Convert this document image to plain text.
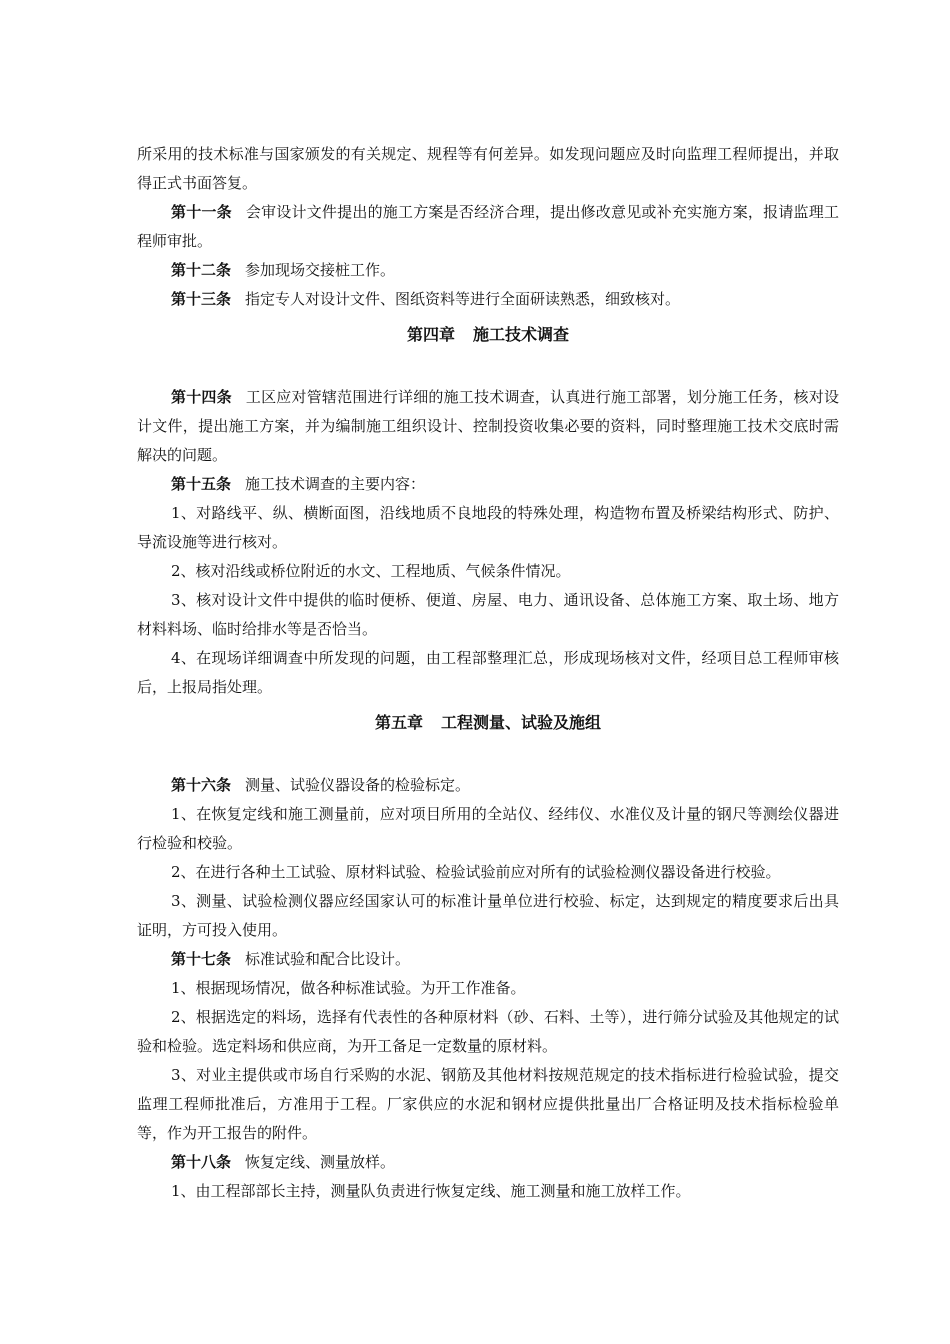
所采用的技术标准与国家颁发的有关规定、规程等有何差异。如发现问题应及时向监理工程师提出，并取得正式书面答复。

第十一条 会审设计文件提出的施工方案是否经济合理，提出修改意见或补充实施方案，报请监理工程师审批。

第十二条 参加现场交接桩工作。

第十三条 指定专人对设计文件、图纸资料等进行全面研读熟悉，细致核对。

第四章 施工技术调查

第十四条 工区应对管辖范围进行详细的施工技术调查，认真进行施工部署，划分施工任务，核对设计文件，提出施工方案，并为编制施工组织设计、控制投资收集必要的资料，同时整理施工技术交底时需解决的问题。

第十五条 施工技术调查的主要内容：

1、对路线平、纵、横断面图，沿线地质不良地段的特殊处理，构造物布置及桥梁结构形式、防护、导流设施等进行核对。

2、核对沿线或桥位附近的水文、工程地质、气候条件情况。

3、核对设计文件中提供的临时便桥、便道、房屋、电力、通讯设备、总体施工方案、取土场、地方材料料场、临时给排水等是否恰当。

4、在现场详细调查中所发现的问题，由工程部整理汇总，形成现场核对文件，经项目总工程师审核后，上报局指处理。

第五章 工程测量、试验及施组

第十六条 测量、试验仪器设备的检验标定。

1、在恢复定线和施工测量前，应对项目所用的全站仪、经纬仪、水准仪及计量的钢尺等测绘仪器进行检验和校验。

2、在进行各种土工试验、原材料试验、检验试验前应对所有的试验检测仪器设备进行校验。

3、测量、试验检测仪器应经国家认可的标准计量单位进行校验、标定，达到规定的精度要求后出具证明，方可投入使用。

第十七条 标准试验和配合比设计。

1、根据现场情况，做各种标准试验。为开工作准备。

2、根据选定的料场，选择有代表性的各种原材料（砂、石料、土等），进行筛分试验及其他规定的试验和检验。选定料场和供应商，为开工备足一定数量的原材料。

3、对业主提供或市场自行采购的水泥、钢筋及其他材料按规范规定的技术指标进行检验试验，提交监理工程师批准后，方准用于工程。厂家供应的水泥和钢材应提供批量出厂合格证明及技术指标检验单等，作为开工报告的附件。

第十八条 恢复定线、测量放样。

1、由工程部部长主持，测量队负责进行恢复定线、施工测量和施工放样工作。
